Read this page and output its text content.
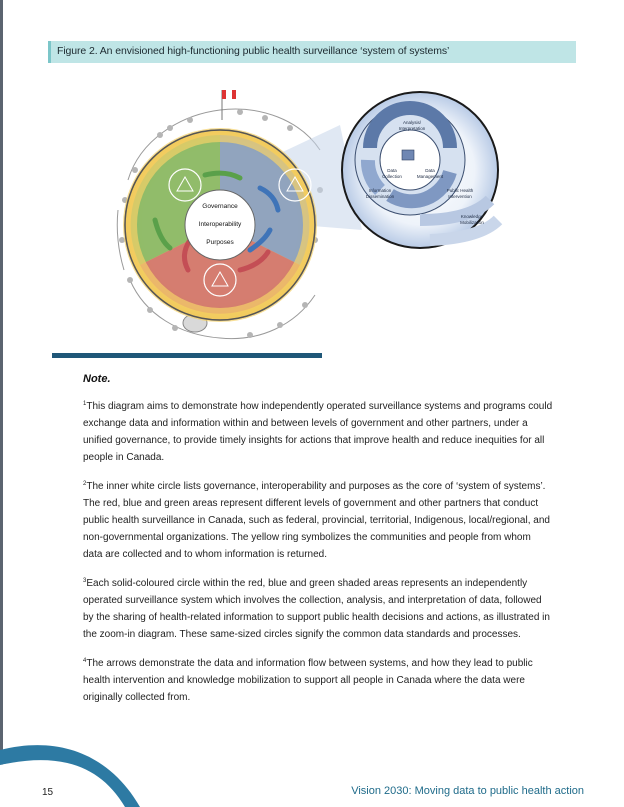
Figure 2. An envisioned high-functioning public health surveillance ‘system of systems’
Governance
Interoperability
Purposes
Analysis/
Interpretation
Data
Collection
Data
Management
Information
Dissemination
Public Health
Intervention
Knowledge
Mobilization
Note.

$^1$This diagram aims to demonstrate how independently operated surveillance systems and programs could exchange data and information within and between levels of government and other partners, under a unified governance, to provide timely insights for actions that improve health and reduce inequities for all people in Canada.

$^2$The inner white circle lists governance, interoperability and purposes as the core of ‘system of systems’. The red, blue and green areas represent different levels of government and other partners that conduct public health surveillance in Canada, such as federal, provincial, territorial, Indigenous, local/regional, and non-governmental organizations. The yellow ring symbolizes the communities and people from whom data are collected and to whom information is returned.

$^3$Each solid-coloured circle within the red, blue and green shaded areas represents an independently operated surveillance system which involves the collection, analysis, and interpretation of data, followed by the sharing of health-related information to support public health decisions and actions, as illustrated in the zoom-in diagram. These same-sized circles signify the common data standards and processes.

$^4$The arrows demonstrate the data and information flow between systems, and how they lead to public health intervention and knowledge mobilization to support all people in Canada where the data were originally collected from.

15	Vision 2030: Moving data to public health action
